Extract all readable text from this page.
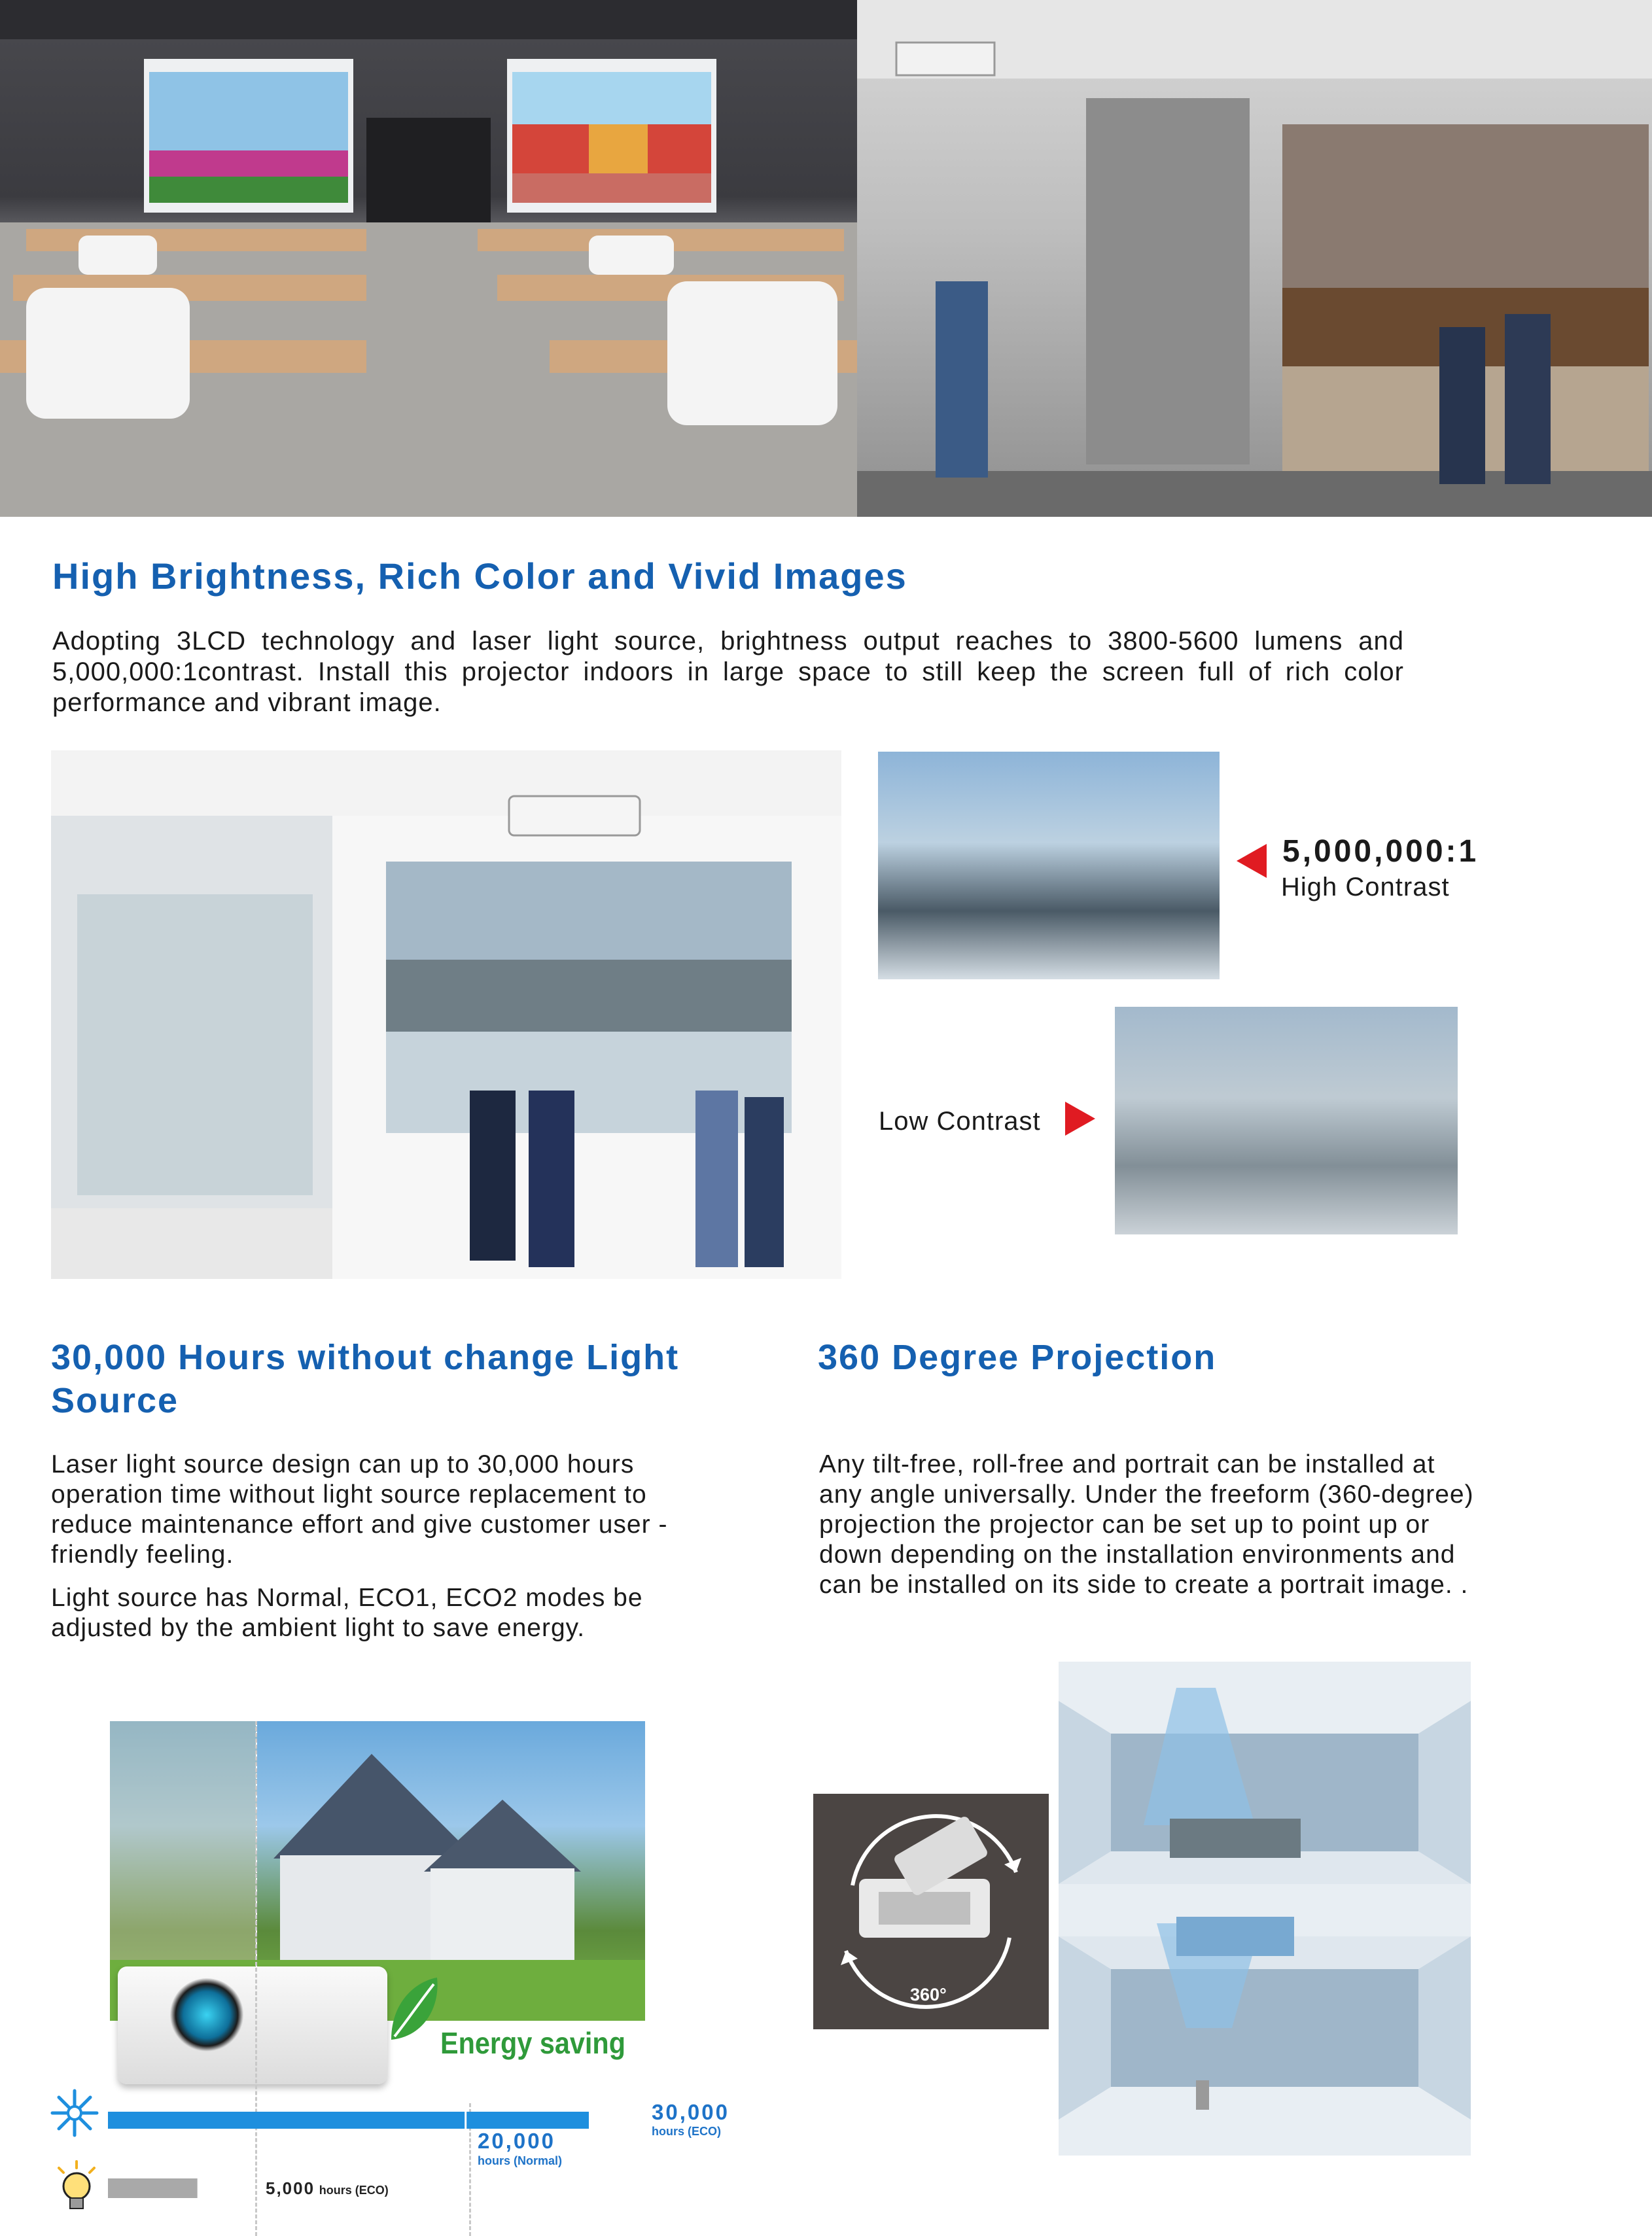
High Brightness, Rich Color and Vivid Images
Adopting 3LCD technology and laser light source, brightness output reaches to 3800-5600 lumens and 5,000,000:1contrast. Install this projector indoors in large space to still keep the screen full of rich color performance and vibrant image.
5,000,000:1
High Contrast
Low Contrast
30,000 Hours without change Light
Source
Laser light source design can up to 30,000 hours operation time without light source replacement to reduce maintenance effort and give customer user -friendly feeling.
Light source has Normal, ECO1, ECO2 modes be adjusted by the ambient light to save energy.
Energy saving
30,000
hours (ECO)
20,000
hours (Normal)
5,000 hours (ECO)
360 Degree Projection
Any tilt-free, roll-free and portrait can be installed at any angle universally. Under the freeform (360-degree) projection the projector can be set up to point up or down depending on the installation environments and can be installed on its side to create a portrait image. .
360°
